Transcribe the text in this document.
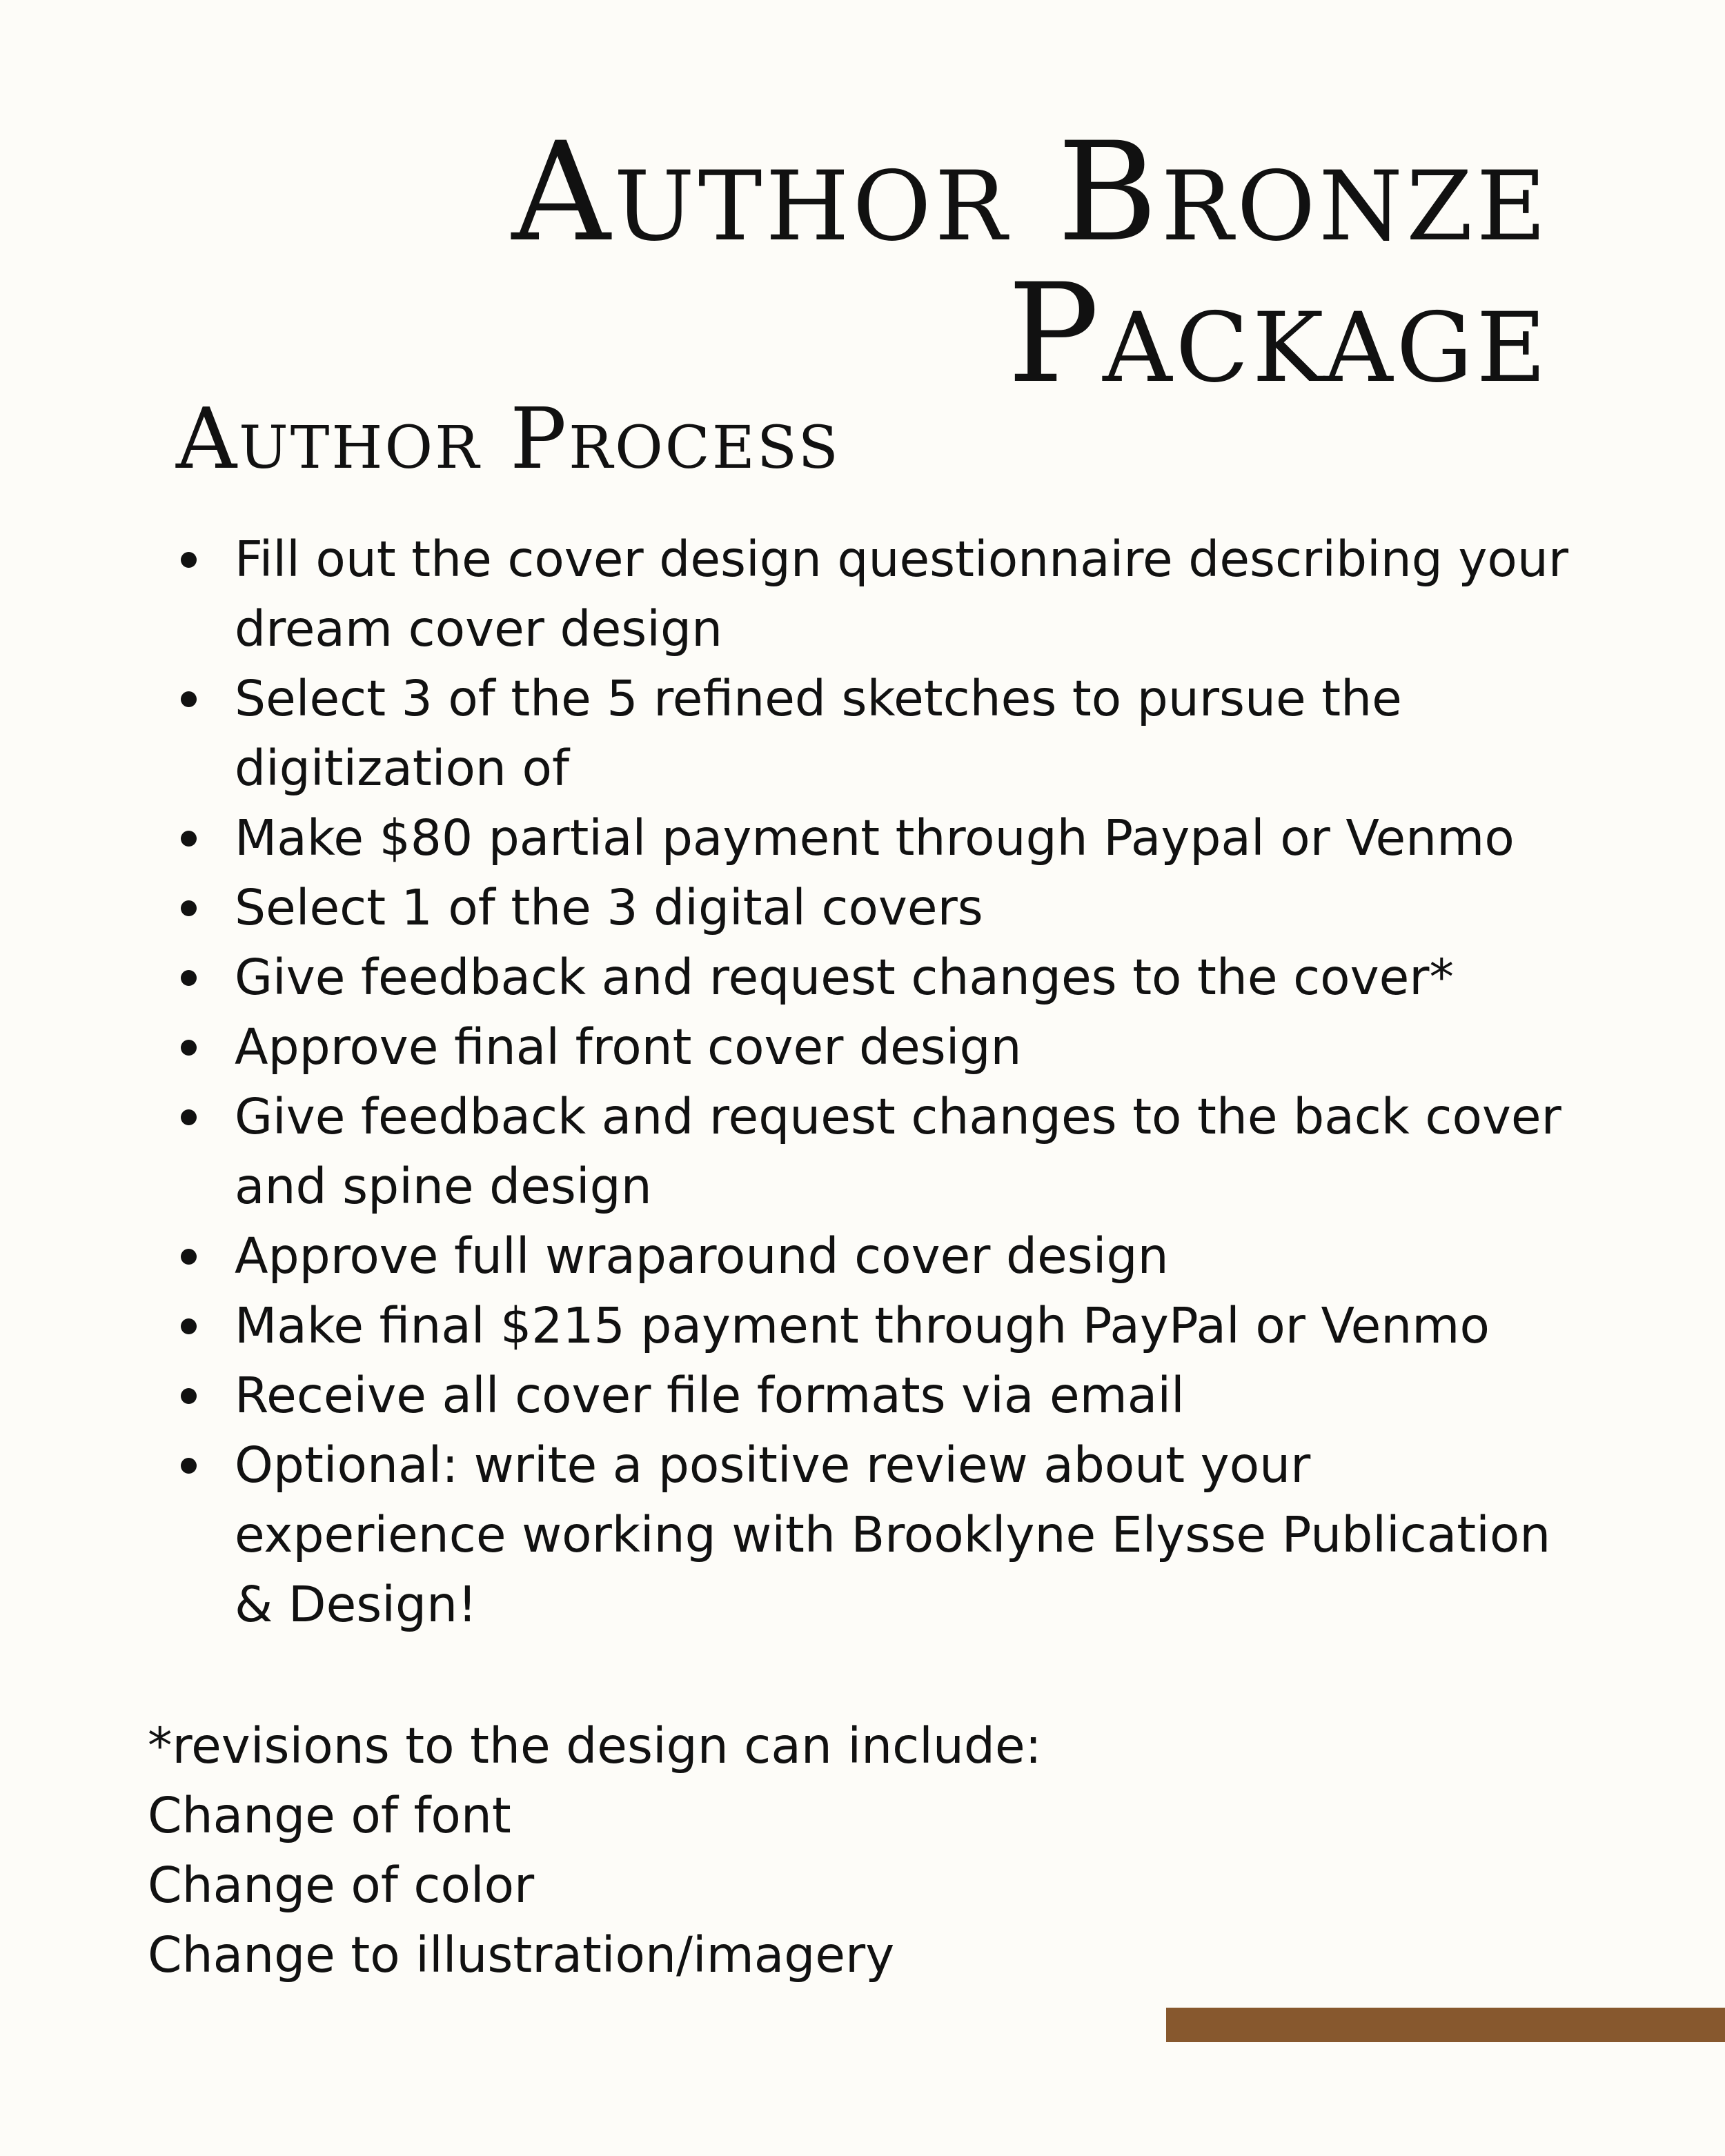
Author Bronze
Package
Author Process
Fill out the cover design questionnaire describing your dream cover design
Select 3 of the 5 refined sketches to pursue the digitization of
Make $80 partial payment through Paypal or Venmo
Select 1 of the 3 digital covers
Give feedback and request changes to the cover*
Approve final front cover design
Give feedback and request changes to the back cover and spine design
Approve full wraparound cover design
Make final $215 payment through PayPal or Venmo
Receive all cover file formats via email
Optional: write a positive review about your experience working with Brooklyne Elysse Publication & Design!
*revisions to the design can include:
Change of font
Change of color
Change to illustration/imagery
